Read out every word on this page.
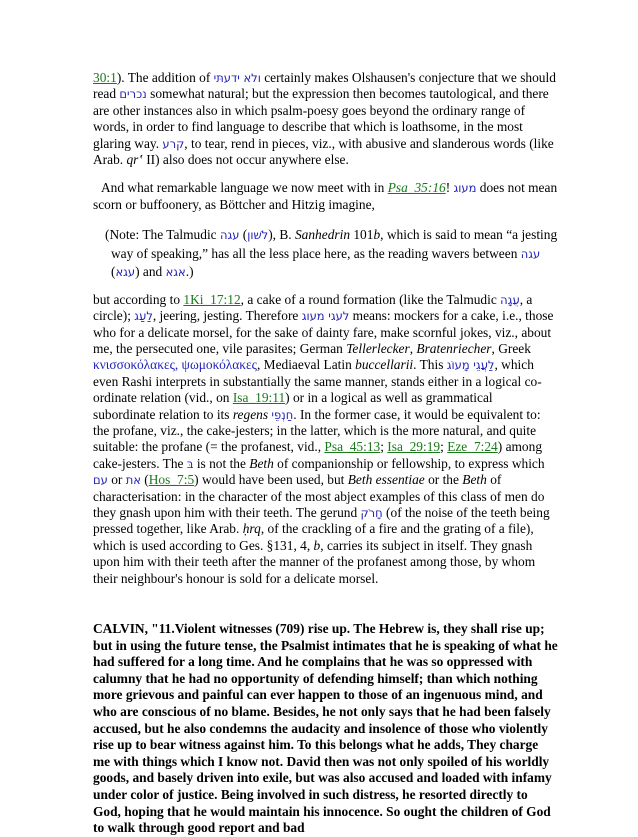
30:1). The addition of ולא ידעתּי certainly makes Olshausen's conjecture that we should read נכרים somewhat natural; but the expression then becomes tautological, and there are other instances also in which psalm-poesy goes beyond the ordinary range of words, in order to find language to describe that which is loathsome, in the most glaring way. קרע, to tear, rend in pieces, viz., with abusive and slanderous words (like Arab. qr‛ II) also does not occur anywhere else.

And what remarkable language we now meet with in Psa_35:16! מעוג does not mean scorn or buffoonery, as Böttcher and Hitzig imagine,

(Note: The Talmudic עגה (לשׁון), B. Sanhedrin 101b, which is said to mean “a jesting way of speaking,” has all the less place here, as the reading wavers between עגה (עגא) and אגא.)

but according to 1Ki_17:12, a cake of a round formation (like the Talmudic עֻגָה, a circle); לַעַג, jeering, jesting. Therefore לעגי מעוג means: mockers for a cake, i.e., those who for a delicate morsel, for the sake of dainty fare, make scornful jokes, viz., about me, the persecuted one, vile parasites; German Tellerlecker, Bratenriecher, Greek κνισσοκόλακες, ψωμοκόλακες, Mediaeval Latin buccellarii. This לַעֲגֵי מָעוֹג, which even Rashi interprets in substantially the same manner, stands either in a logical co-ordinate relation (vid., on Isa_19:11) or in a logical as well as grammatical subordinate relation to its regens חַנְפֵי. In the former case, it would be equivalent to: the profane, viz., the cake-jesters; in the latter, which is the more natural, and quite suitable: the profane (= the profanest, vid., Psa_45:13; Isa_29:19; Eze_7:24) among cake-jesters. The בּ is not the Beth of companionship or fellowship, to express which עם or את (Hos_7:5) would have been used, but Beth essentiae or the Beth of characterisation: in the character of the most abject examples of this class of men do they gnash upon him with their teeth. The gerund חָרֹק (of the noise of the teeth being pressed together, like Arab. ḥrq, of the crackling of a fire and the grating of a file), which is used according to Ges. §131, 4, b, carries its subject in itself. They gnash upon him with their teeth after the manner of the profanest among those, by whom their neighbour's honour is sold for a delicate morsel.

CALVIN, "11.Violent witnesses (709) rise up. The Hebrew is, they shall rise up; but in using the future tense, the Psalmist intimates that he is speaking of what he had suffered for a long time. And he complains that he was so oppressed with calumny that he had no opportunity of defending himself; than which nothing more grievous and painful can ever happen to those of an ingenuous mind, and who are conscious of no blame. Besides, he not only says that he had been falsely accused, but he also condemns the audacity and insolence of those who violently rise up to bear witness against him. To this belongs what he adds, They charge me with things which I know not. David then was not only spoiled of his worldly goods, and basely driven into exile, but was also accused and loaded with infamy under color of justice. Being involved in such distress, he resorted directly to God, hoping that he would maintain his innocence. So ought the children of God to walk through good report and bad
